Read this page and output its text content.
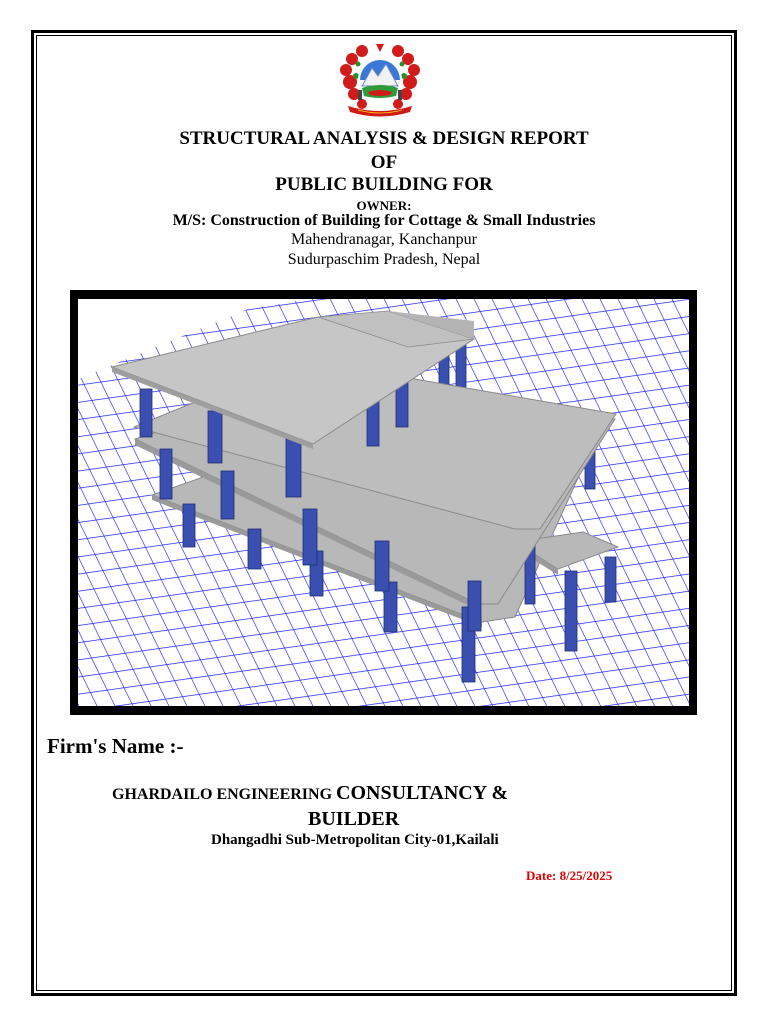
STRUCTURAL ANALYSIS & DESIGN REPORT
OF
PUBLIC BUILDING FOR
OWNER:
M/S: Construction of Building for Cottage & Small Industries
Mahendranagar, Kanchanpur
Sudurpaschim Pradesh, Nepal
Firm's Name :-
GHARDAILO ENGINEERING CONSULTANCY &
BUILDER
Dhangadhi Sub-Metropolitan City-01,Kailali
Date: 8/25/2025
